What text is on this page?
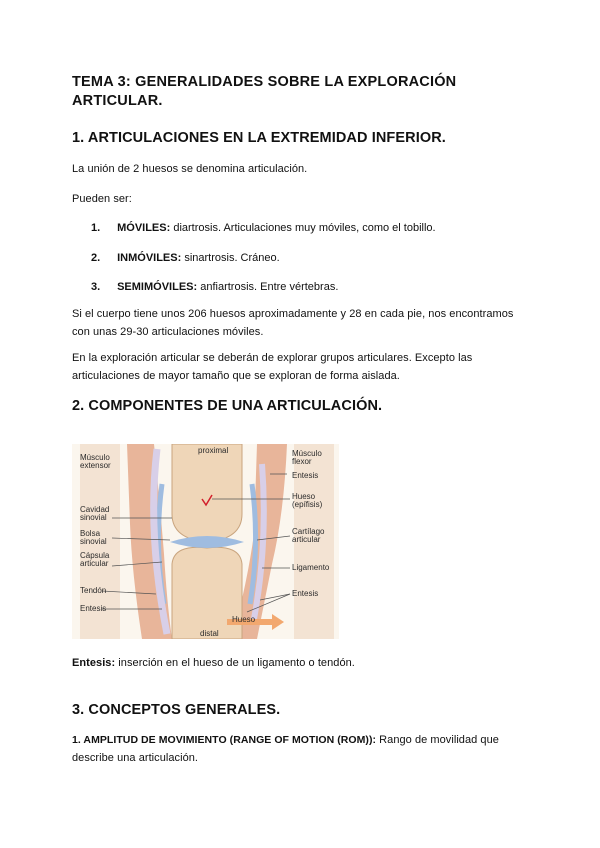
TEMA 3: GENERALIDADES SOBRE LA EXPLORACIÓN
ARTICULAR.
1. ARTICULACIONES EN LA EXTREMIDAD INFERIOR.
La unión de 2 huesos se denomina articulación.
Pueden ser:
1. MÓVILES: diartrosis. Articulaciones muy móviles, como el tobillo.
2. INMÓVILES: sinartrosis. Cráneo.
3. SEMIMÓVILES: anfiartrosis. Entre vértebras.
Si el cuerpo tiene unos 206 huesos aproximadamente y 28 en cada pie, nos encontramos
con unas 29-30 articulaciones móviles.
En la exploración articular se deberán de explorar grupos articulares. Excepto las
articulaciones de mayor tamaño que se exploran de forma aislada.
2. COMPONENTES DE UNA ARTICULACIÓN.
Músculo
extensor
proximal	Músculo
flexor
Entesis
Cavidad
sinovial
Hueso
(epífisis)
Bolsa
sinovial
Cartílago
articular
Cápsula
articular	Ligamento
Tendón	Entesis
Entesis
Hueso
distal
Entesis: inserción en el hueso de un ligamento o tendón.
3. CONCEPTOS GENERALES.
1. AMPLITUD DE MOVIMIENTO (RANGE OF MOTION (ROM)): Rango de movilidad que
describe una articulación.
